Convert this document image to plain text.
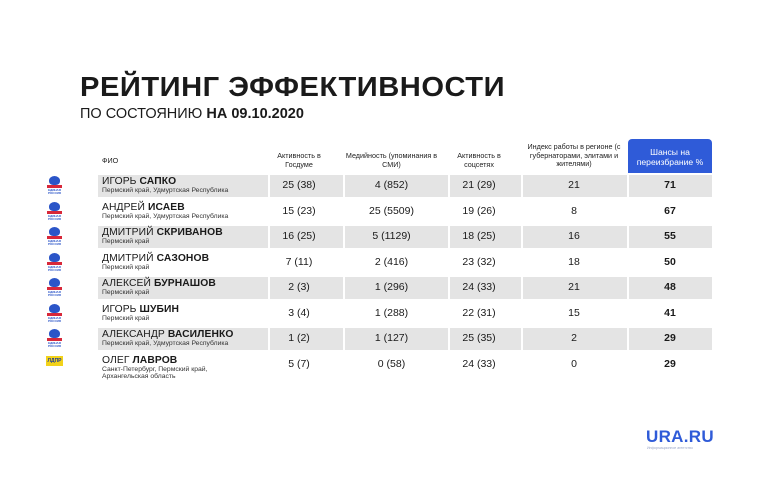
РЕЙТИНГ ЭФФЕКТИВНОСТИ
ПО СОСТОЯНИЮ НА 09.10.2020
ФИО
Активность в Госдуме
Медийность (упоминания в СМИ)
Активность в соцсетях
Индекс работы в регионе (с губернаторами, элитами и жителями)
Шансы на переизбрание %
ЕДИНАЯ РОССИЯ
ИГОРЬ САПКО
Пермский край, Удмуртская Республика	25 (38)	4 (852)	21 (29)	21	71
ЕДИНАЯ РОССИЯ
АНДРЕЙ ИСАЕВ
Пермский край, Удмуртская Республика	15 (23)	25 (5509)	19 (26)	8	67
ЕДИНАЯ РОССИЯ
ДМИТРИЙ СКРИВАНОВ
Пермский край	16 (25)	5 (1129)	18 (25)	16	55
ЕДИНАЯ РОССИЯ
ДМИТРИЙ САЗОНОВ
Пермский край	7 (11)	2 (416)	23 (32)	18	50
ЕДИНАЯ РОССИЯ
АЛЕКСЕЙ БУРНАШОВ
Пермский край	2 (3)	1 (296)	24 (33)	21	48
ЕДИНАЯ РОССИЯ
ИГОРЬ ШУБИН
Пермский край	3 (4)	1 (288)	22 (31)	15	41
ЕДИНАЯ РОССИЯ
АЛЕКСАНДР ВАСИЛЕНКО
Пермский край, Удмуртская Республика	1 (2)	1 (127)	25 (35)	2	29
ЛДПР	ОЛЕГ ЛАВРОВ
Санкт-Петербург, Пермский край, Архангельская область
5 (7)	0 (58)	24 (33)	0	29
URA.RU
Информационное агентство
